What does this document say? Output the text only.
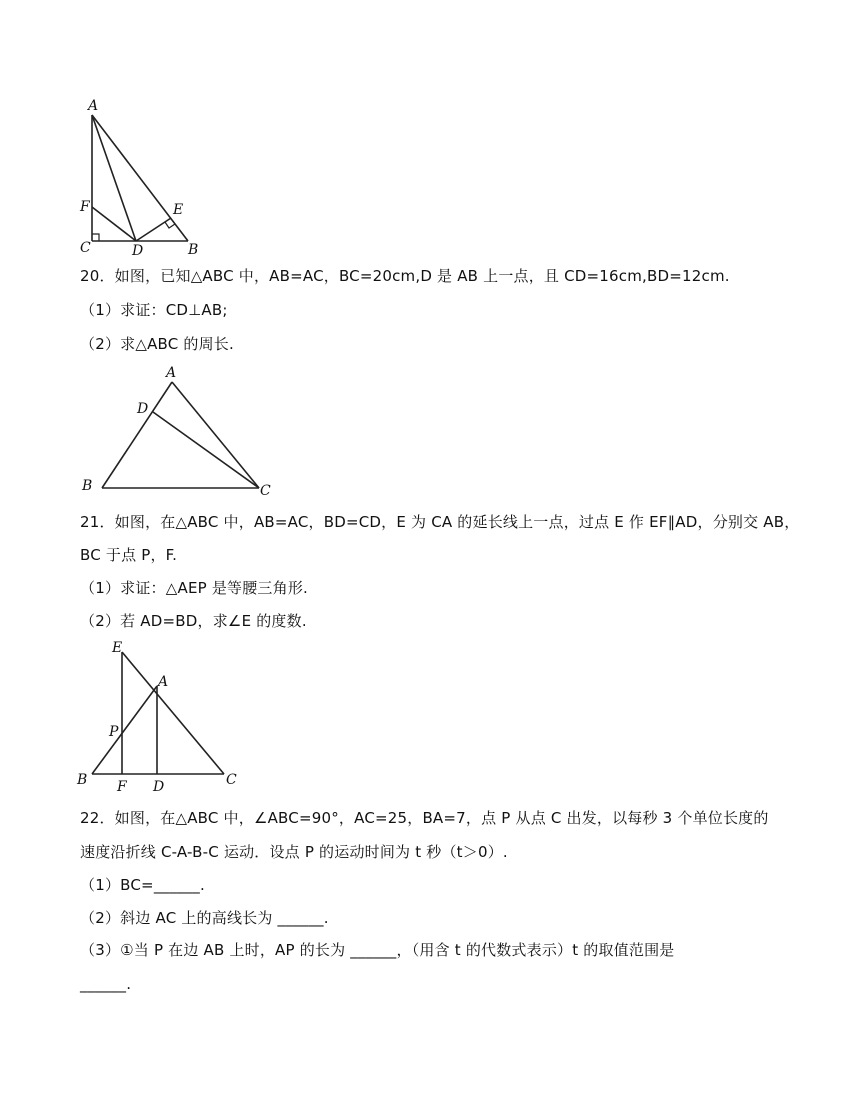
A
F
C	D
E
B
20．如图，已知△ABC 中，AB=AC，BC=20cm,D 是 AB 上一点，且 CD=16cm,BD=12cm.
（1）求证：CD⊥AB;
（2）求△ABC 的周长.
A
D
B	C
21．如图，在△ABC 中，AB=AC，BD=CD，E 为 CA 的延长线上一点，过点 E 作 EF∥AD，分别交 AB，
BC 于点 P，F.
（1）求证：△AEP 是等腰三角形.
（2）若 AD=BD，求∠E 的度数.
E
A
P
B F D	C
22．如图，在△ABC 中，∠ABC=90°，AC=25，BA=7，点 P 从点 C 出发，以每秒 3 个单位长度的
速度沿折线 C-A-B-C 运动．设点 P 的运动时间为 t 秒（t＞0）.
（1）BC=______.
（2）斜边 AC 上的高线长为 ______.
（3）①当 P 在边 AB 上时，AP 的长为 ______，（用含 t 的代数式表示）t 的取值范围是
______.
